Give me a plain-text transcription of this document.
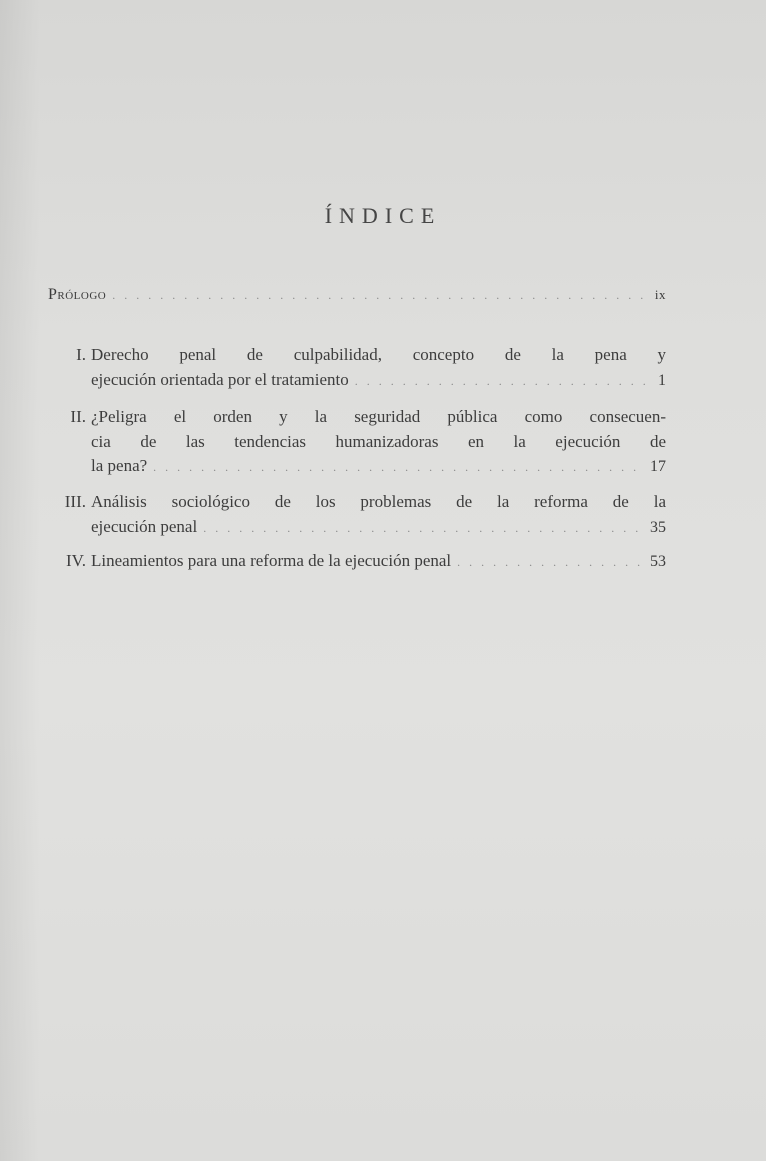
ÍNDICE
Prólogo . . .	ix
I. Derecho penal de culpabilidad, concepto de la pena y
ejecución orientada por el tratamiento . . .	1
II. ¿Peligra el orden y la seguridad pública como consecuen-
cia de las tendencias humanizadoras en la ejecución de
la pena? . . .	17
III. Análisis sociológico de los problemas de la reforma de la
ejecución penal . . .	35
IV. Lineamientos para una reforma de la ejecución penal . . .	53
